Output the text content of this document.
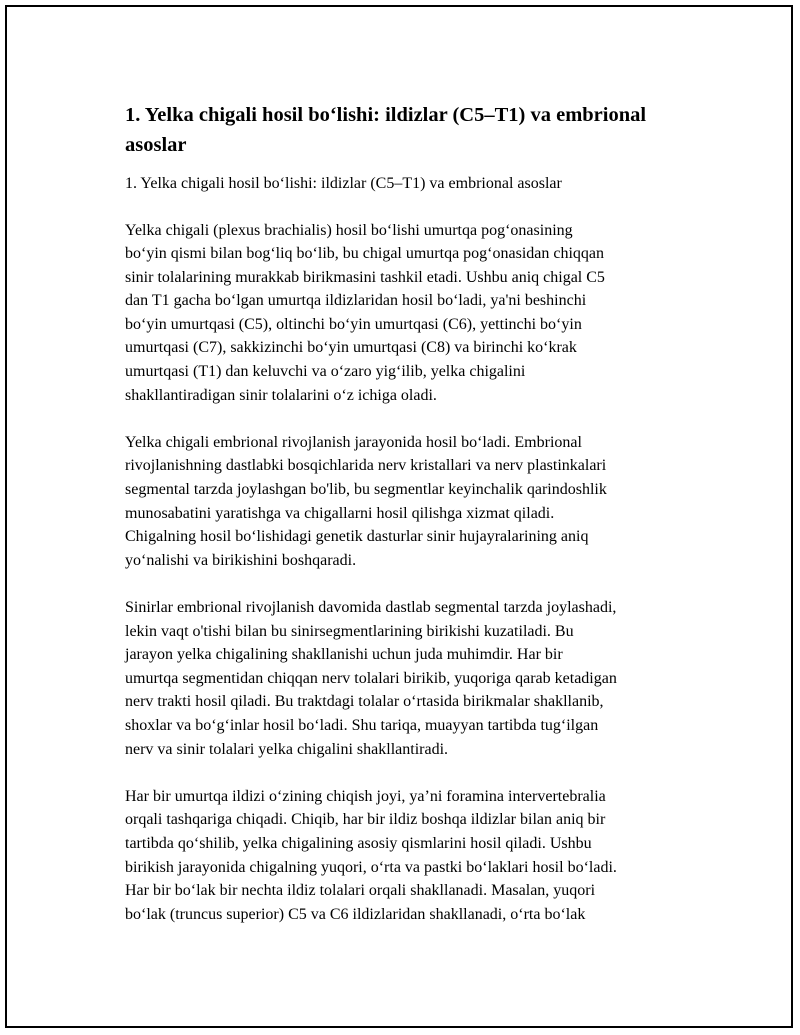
1. Yelka chigali hosil bo‘lishi: ildizlar (C5–T1) va embrional
asoslar

1. Yelka chigali hosil bo‘lishi: ildizlar (C5–T1) va embrional asoslar

Yelka chigali (plexus brachialis) hosil bo‘lishi umurtqa pog‘onasining
bo‘yin qismi bilan bog‘liq bo‘lib, bu chigal umurtqa pog‘onasidan chiqqan
sinir tolalarining murakkab birikmasini tashkil etadi. Ushbu aniq chigal C5
dan T1 gacha bo‘lgan umurtqa ildizlaridan hosil bo‘ladi, ya'ni beshinchi
bo‘yin umurtqasi (C5), oltinchi bo‘yin umurtqasi (C6), yettinchi bo‘yin
umurtqasi (C7), sakkizinchi bo‘yin umurtqasi (C8) va birinchi ko‘krak
umurtqasi (T1) dan keluvchi va o‘zaro yig‘ilib, yelka chigalini
shakllantiradigan sinir tolalarini o‘z ichiga oladi.

Yelka chigali embrional rivojlanish jarayonida hosil bo‘ladi. Embrional
rivojlanishning dastlabki bosqichlarida nerv kristallari va nerv plastinkalari
segmental tarzda joylashgan bo'lib, bu segmentlar keyinchalik qarindoshlik
munosabatini yaratishga va chigallarni hosil qilishga xizmat qiladi.
Chigalning hosil bo‘lishidagi genetik dasturlar sinir hujayralarining aniq
yo‘nalishi va birikishini boshqaradi.

Sinirlar embrional rivojlanish davomida dastlab segmental tarzda joylashadi,
lekin vaqt o'tishi bilan bu sinirsegmentlarining birikishi kuzatiladi. Bu
jarayon yelka chigalining shakllanishi uchun juda muhimdir. Har bir
umurtqa segmentidan chiqqan nerv tolalari birikib, yuqoriga qarab ketadigan
nerv trakti hosil qiladi. Bu traktdagi tolalar o‘rtasida birikmalar shakllanib,
shoxlar va bo‘g‘inlar hosil bo‘ladi. Shu tariqa, muayyan tartibda tug‘ilgan
nerv va sinir tolalari yelka chigalini shakllantiradi.

Har bir umurtqa ildizi o‘zining chiqish joyi, ya’ni foramina intervertebralia
orqali tashqariga chiqadi. Chiqib, har bir ildiz boshqa ildizlar bilan aniq bir
tartibda qo‘shilib, yelka chigalining asosiy qismlarini hosil qiladi. Ushbu
birikish jarayonida chigalning yuqori, o‘rta va pastki bo‘laklari hosil bo‘ladi.
Har bir bo‘lak bir nechta ildiz tolalari orqali shakllanadi. Masalan, yuqori
bo‘lak (truncus superior) C5 va C6 ildizlaridan shakllanadi, o‘rta bo‘lak
